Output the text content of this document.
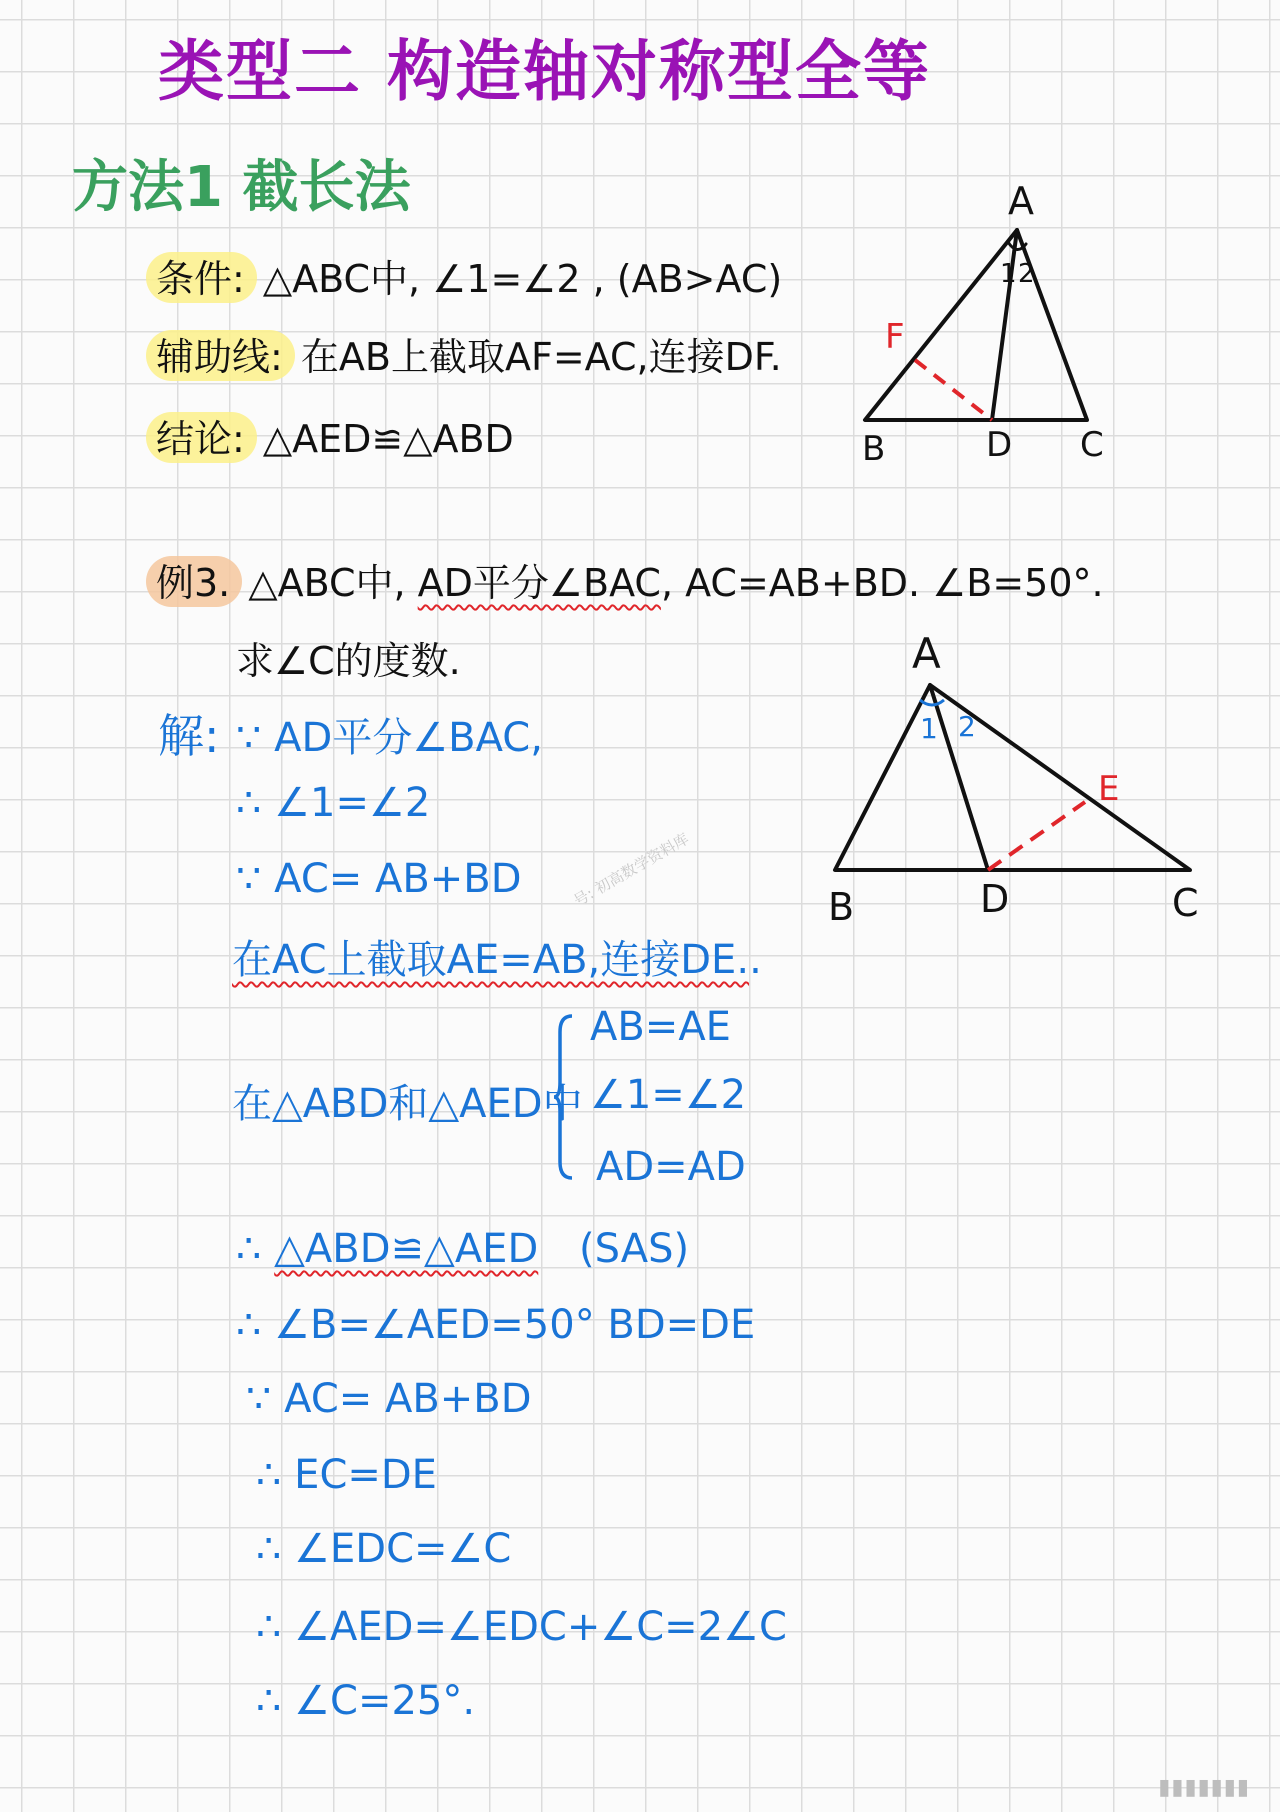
类型二 构造轴对称型全等
方法1 截长法
条件: △ABC中, ∠1=∠2 , (AB>AC)
辅助线: 在AB上截取AF=AC,连接DF.
结论: △AED≌△ABD
A
1 2
F
B	D C
例3. △ABC中, AD平分∠BAC, AC=AB+BD. ∠B=50°.
求∠C的度数.	A
1 2
E
B	D	C
解: ∵ AD平分∠BAC,
∴ ∠1=∠2
∵ AC= AB+BD
在AC上截取AE=AB,连接DE..
在△ABD和△AED中
AB=AE
∠1=∠2
AD=AD
∴ △ABD≌△AED (SAS)
∴ ∠B=∠AED=50° BD=DE
∵ AC= AB+BD
∴ EC=DE
∴ ∠EDC=∠C
∴ ∠AED=∠EDC+∠C=2∠C
∴ ∠C=25°.
号: 初高数学资料库
▮▮▮▮▮▮▮
